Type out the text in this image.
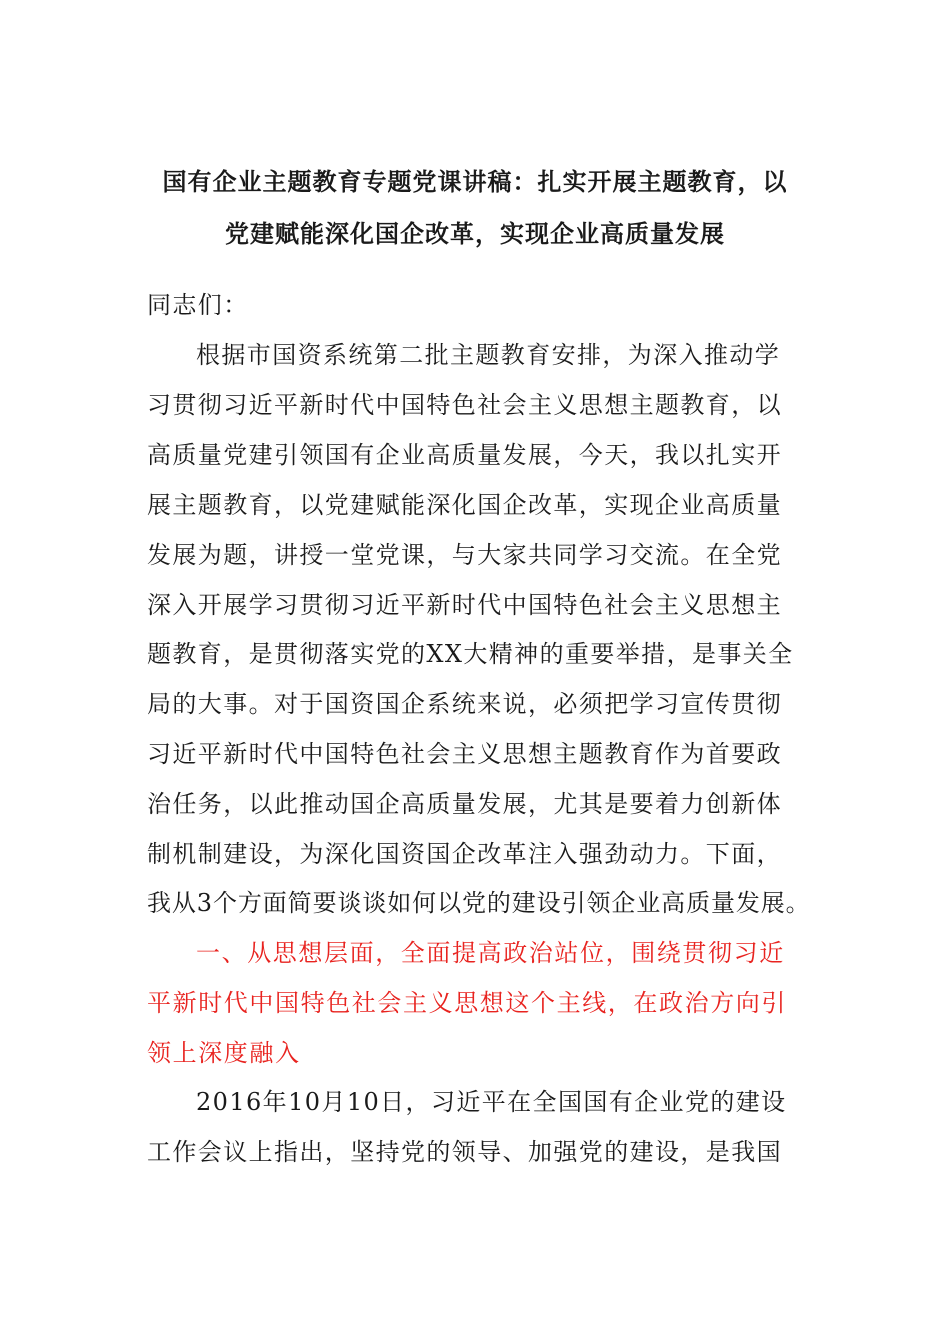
国有企业主题教育专题党课讲稿：扎实开展主题教育，以
党建赋能深化国企改革，实现企业高质量发展
同志们：
根据市国资系统第二批主题教育安排，为深入推动学
习贯彻习近平新时代中国特色社会主义思想主题教育，以
高质量党建引领国有企业高质量发展，今天，我以扎实开
展主题教育，以党建赋能深化国企改革，实现企业高质量
发展为题，讲授一堂党课，与大家共同学习交流。在全党
深入开展学习贯彻习近平新时代中国特色社会主义思想主
题教育，是贯彻落实党的XX大精神的重要举措，是事关全
局的大事。对于国资国企系统来说，必须把学习宣传贯彻
习近平新时代中国特色社会主义思想主题教育作为首要政
治任务，以此推动国企高质量发展，尤其是要着力创新体
制机制建设，为深化国资国企改革注入强劲动力。下面，
我从3个方面简要谈谈如何以党的建设引领企业高质量发展。
一、从思想层面，全面提高政治站位，围绕贯彻习近
平新时代中国特色社会主义思想这个主线，在政治方向引
领上深度融入
2016年10月10日，习近平在全国国有企业党的建设
工作会议上指出，坚持党的领导、加强党的建设，是我国
